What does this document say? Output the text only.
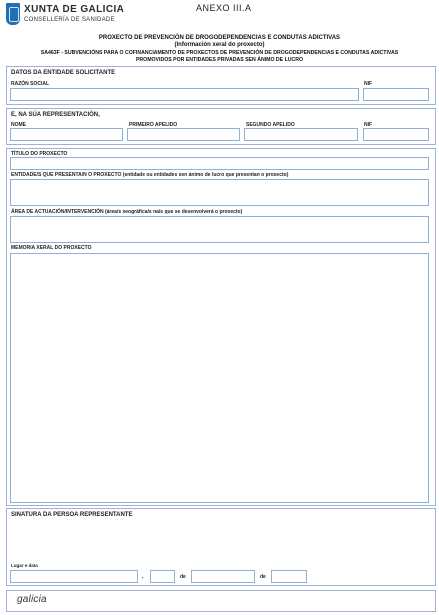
XUNTA DE GALICIA
CONSELLERÍA DE SANIDADE
ANEXO III.A
PROXECTO DE PREVENCIÓN DE DROGODEPENDENCIAS E CONDUTAS ADICTIVAS
(Información xeral do proxecto)
SA463F - SUBVENCIÓNS PARA O COFINANCIAMENTO DE PROXECTOS DE PREVENCIÓN DE DROGODEPENDENCIAS E CONDUTAS ADICTIVAS
PROMOVIDOS POR ENTIDADES PRIVADAS SEN ÁNIMO DE LUCRO
DATOS DA ENTIDADE SOLICITANTE
RAZÓN SOCIAL	NIF
E, NA SÚA REPRESENTACIÓN,
NOME	PRIMEIRO APELIDO	SEGUNDO APELIDO	NIF
TÍTULO DO PROXECTO
ENTIDADE/S QUE PRESENTA/N O PROXECTO (entidade ou entidades sen ánimo de lucro que presentan o proxecto)
ÁREA DE ACTUACIÓN/INTERVENCIÓN (área/s xeográfica/s na/s que se desenvolverá o proxecto)
MEMORIA XERAL DO PROXECTO
SINATURA DA PERSOA REPRESENTANTE
Lugar e data
,	de	de
galicia
